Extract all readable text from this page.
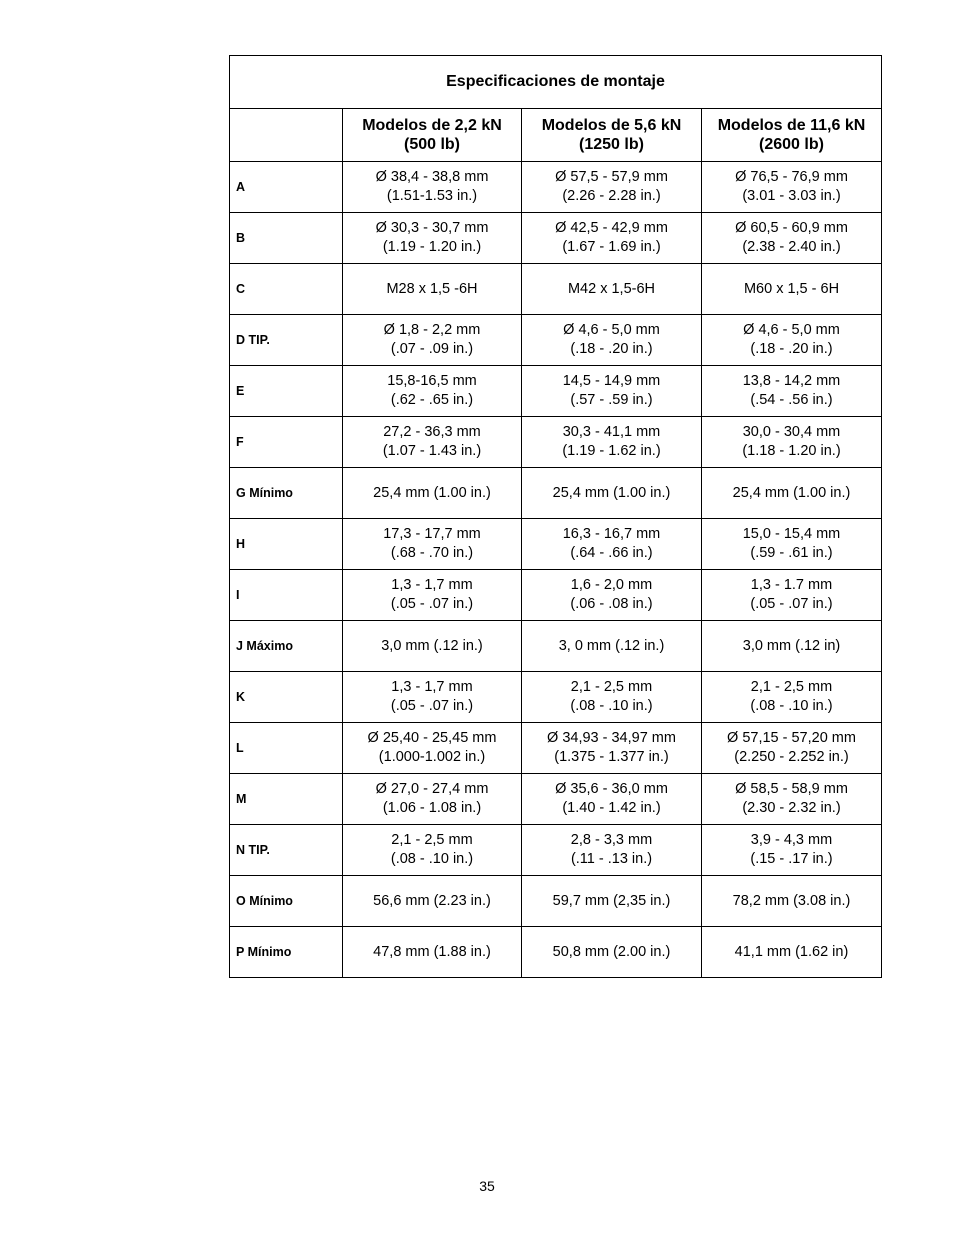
Especificaciones de montaje			

	Modelos de 2,2 kN
(500 lb)	Modelos de 5,6 kN
(1250 lb)	Modelos de 11,6 kN
(2600 lb)

A	Ø 38,4 - 38,8 mm
(1.51-1.53 in.)	Ø 57,5 - 57,9 mm
(2.26 - 2.28 in.)	Ø 76,5 - 76,9 mm
(3.01 - 3.03 in.)

B	Ø 30,3 - 30,7 mm
(1.19 - 1.20 in.)	Ø 42,5 - 42,9 mm
(1.67 - 1.69 in.)	Ø 60,5 - 60,9 mm
(2.38 - 2.40 in.)

C	M28 x 1,5 -6H	M42 x 1,5-6H	M60 x 1,5 - 6H

D TIP.	Ø 1,8 - 2,2 mm
(.07 - .09 in.)	Ø 4,6 - 5,0 mm
(.18 - .20 in.)	Ø 4,6 - 5,0 mm
(.18 - .20 in.)

E	15,8-16,5 mm
(.62 - .65 in.)	14,5 - 14,9 mm
(.57 - .59 in.)	13,8 - 14,2 mm
(.54 - .56 in.)

F	27,2 - 36,3 mm
(1.07 - 1.43 in.)	30,3 - 41,1 mm
(1.19 - 1.62 in.)	30,0 - 30,4 mm
(1.18 - 1.20 in.)

G Mínimo	25,4 mm (1.00 in.)	25,4 mm (1.00 in.)	25,4 mm (1.00 in.)

H	17,3 - 17,7 mm
(.68 - .70 in.)	16,3 - 16,7 mm
(.64 - .66 in.)	15,0 - 15,4 mm
(.59 - .61 in.)

I	1,3 - 1,7 mm
(.05 - .07 in.)	1,6 - 2,0 mm
(.06 - .08 in.)	1,3 - 1.7 mm
(.05 - .07 in.)

J Máximo	3,0 mm (.12 in.)	3, 0 mm (.12 in.)	3,0 mm (.12 in)

K	1,3 - 1,7 mm
(.05 - .07 in.)	2,1 - 2,5 mm
(.08 - .10 in.)	2,1 - 2,5 mm
(.08 - .10 in.)

L	Ø 25,40 - 25,45 mm
(1.000-1.002 in.)	Ø 34,93 - 34,97 mm
(1.375 - 1.377 in.)	Ø 57,15 - 57,20 mm
(2.250 - 2.252 in.)

M	Ø 27,0 - 27,4 mm
(1.06 - 1.08 in.)	Ø 35,6 - 36,0 mm
(1.40 - 1.42 in.)	Ø 58,5 - 58,9 mm
(2.30 - 2.32 in.)

N TIP.	2,1 - 2,5 mm
(.08 - .10 in.)	2,8 - 3,3 mm
(.11 - .13 in.)	3,9 - 4,3 mm
(.15 - .17 in.)

O Mínimo	56,6 mm (2.23 in.)	59,7 mm (2,35 in.)	78,2 mm (3.08 in.)

P Mínimo	47,8 mm (1.88 in.)	50,8 mm (2.00 in.)	41,1 mm (1.62 in)
35
